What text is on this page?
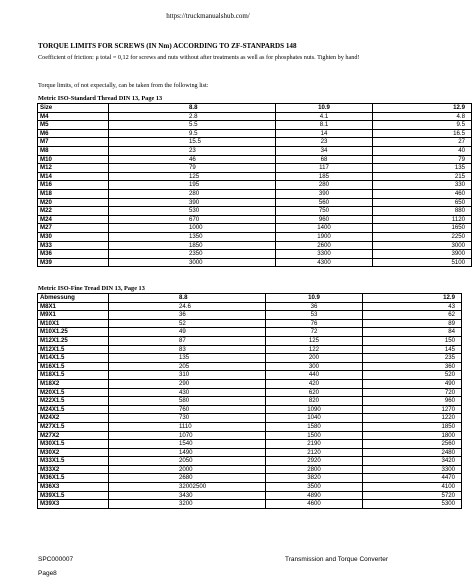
https://truckmanualshub.com/
TORQUE LIMITS FOR SCREWS (IN Nm) ACCORDING TO ZF-STANPARDS 148
Coefficient of friction: μ total = 0,12 for screws and nuts without after treatments as well as for phosphates nuts. Tighten by hand!
Torque limits, of not expecially, can be taken from the following list:
Metric ISO-Standard Thread DIN 13, Page 13
Size	8.8	10.9	12.9
M4	2.8	4.1	4.8
M5	5.5	8.1	9.5
M6	9.5	14	16.5
M7	15.5	23	27
M8	23	34	40
M10	46	68	79
M12	79	117	135
M14	125	185	215
M16	195	280	330
M18	280	390	460
M20	390	560	650
M22	530	750	880
M24	670	960	1120
M27	1000	1400	1650
M30	1350	1900	2250
M33	1850	2600	3000
M36	2350	3300	3900
M39	3000	4300	5100
Metric ISO-Fine Tread DIN 13, Page 13
Abmessung	8.8	10.9	12.9
M8X1	24.6	36	43
M9X1	36	53	62
M10X1	52	76	89
M10X1.25	49	72	84
M12X1.25	87	125	150
M12X1.5	83	122	145
M14X1.5	135	200	235
M16X1.5	205	300	360
M18X1.5	310	440	520
M18X2	290	420	490
M20X1.5	430	620	720
M22X1.5	580	820	960
M24X1.5	760	1090	1270
M24X2	730	1040	1220
M27X1.5	1110	1580	1850
M27X2	1070	1500	1800
M30X1.5	1540	2190	2560
M30X2	1490	2120	2480
M33X1.5	2050	2920	3420
M33X2	2000	2800	3300
M36X1.5	2680	3820	4470
M36X3	32002500	3500	4100
M39X1.5	3430	4890	5720
M39X3	3200	4600	5300
SPC000007
Page8
Transmission and Torque Converter
